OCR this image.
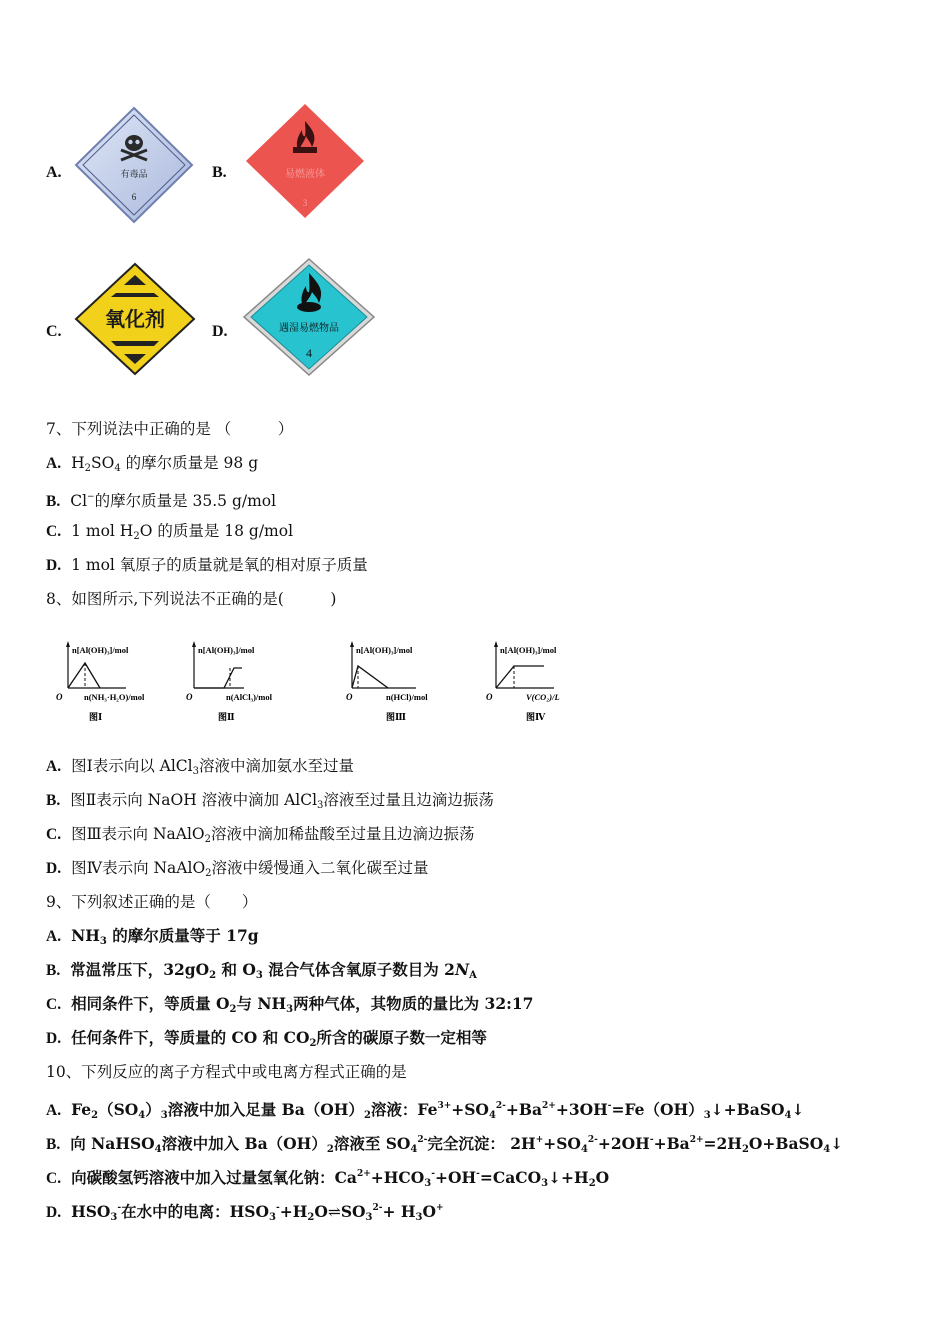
A.	B.
C.	D.
有毒品
6
易燃液体
3
氧化剂	遇湿易燃物品
4
7、下列说法中正确的是 （　　　）
A. $H_2SO_4$ 的摩尔质量是 98 g
B. Cl−的摩尔质量是 35.5 g/mol
C. 1 mol $H_2O$ 的质量是 18 g/mol
D. 1 mol 氧原子的质量就是氧的相对原子质量
8、如图所示,下列说法不正确的是(　　　)
n[Al(OH)₃]/mol
O	n(NH₃·H₂O)/mol
图Ⅰ
n[Al(OH)₃]/mol
O	n(AlCl₃)/mol
图Ⅱ
n[Al(OH)₃]/mol
O	n(HCl)/mol
图Ⅲ
n[Al(OH)₃]/mol
O	V(CO₂)/L
图Ⅳ
A. 图Ⅰ表示向以 AlCl$_3$溶液中滴加氨水至过量
B. 图Ⅱ表示向 NaOH 溶液中滴加 AlCl$_3$溶液至过量且边滴边振荡
C. 图Ⅲ表示向 NaAlO$_2$溶液中滴加稀盐酸至过量且边滴边振荡
D. 图Ⅳ表示向 NaAlO$_2$溶液中缓慢通入二氧化碳至过量
9、下列叙述正确的是（　　）
A. $NH_3$ 的摩尔质量等于 17g
B. 常温常压下，$32gO_2$ 和 $O_3$ 混合气体含氧原子数目为 $2N_A$
C. 相同条件下，等质量 $O_2$与 $NH_3$两种气体，其物质的量比为 32:17
D. 任何条件下，等质量的 CO 和 $CO_2$所含的碳原子数一定相等
10、下列反应的离子方程式中或电离方程式正确的是
A. $Fe_2(SO_4)_3$溶液中加入足量 $Ba(OH)_2$溶液：$Fe^{3+}+SO_4^{2-}+Ba^{2+}+3OH^-=Fe(OH)_3↓+BaSO_4↓$
B. 向 NaHSO$_4$溶液中加入 $Ba(OH)_2$溶液至 $SO_4^{2-}$完全沉淀： $2H^++SO_4^{2-}+2OH^-+Ba^{2+}=2H_2O+BaSO_4↓$
C. 向碳酸氢钙溶液中加入过量氢氧化钠：$Ca^{2+}+HCO_3^-+OH^-=CaCO_3↓+H_2O$
D. $HSO_3^-$在水中的电离：$HSO_3^-+H_2O\rightleftharpoons SO_3^{2-}+ H_3O^+$
